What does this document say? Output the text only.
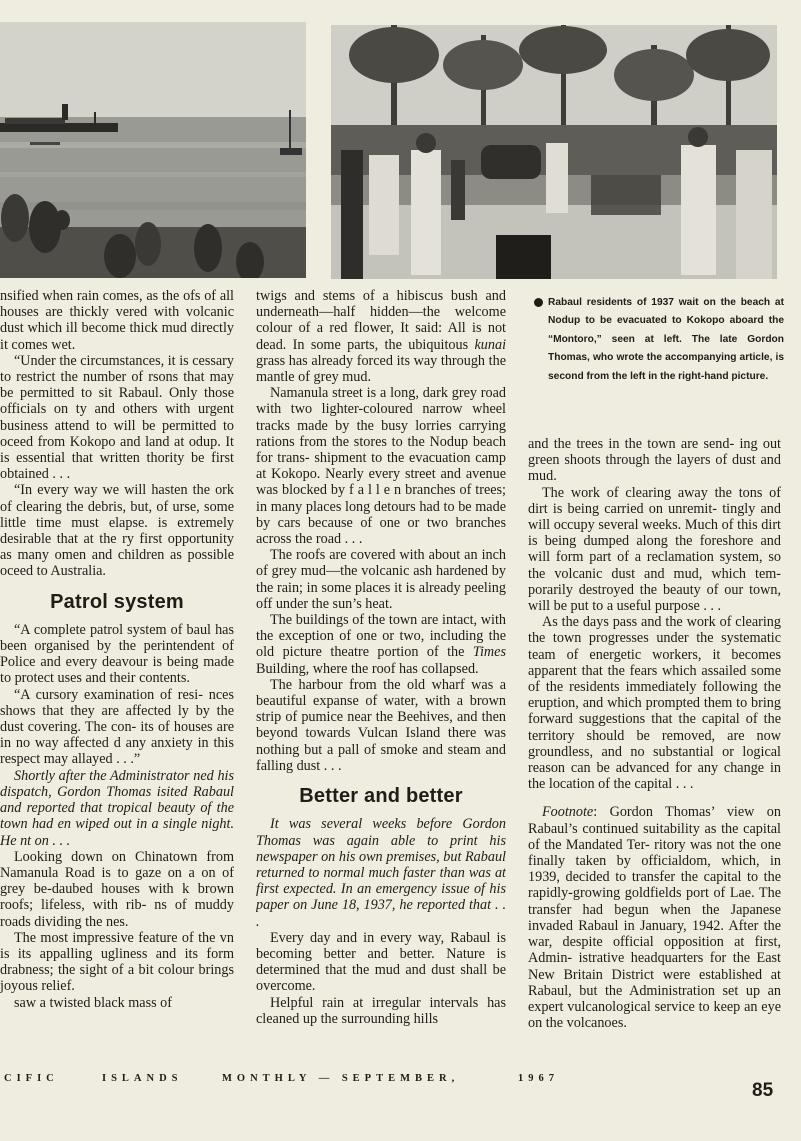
nsified when rain comes, as the ofs of all houses are thickly vered with volcanic dust which ill become thick mud directly it comes wet.

“Under the circumstances, it is cessary to restrict the number of rsons that may be permitted to sit Rabaul. Only those officials on ty and others with urgent business attend to will be permitted to oceed from Kokopo and land at odup. It is essential that written thority be first obtained . . .

“In every way we will hasten the ork of clearing the debris, but, of urse, some little time must elapse. is extremely desirable that at the ry first opportunity as many omen and children as possible oceed to Australia.

Patrol system

“A complete patrol system of baul has been organised by the perintendent of Police and every deavour is being made to protect uses and their contents.

“A cursory examination of resi- nces shows that they are affected ly by the dust covering. The con- its of houses are in no way affected d any anxiety in this respect may allayed . . .”

Shortly after the Administrator ned his dispatch, Gordon Thomas isited Rabaul and reported that tropical beauty of the town had en wiped out in a single night. He nt on . . .

Looking down on Chinatown from Namanula Road is to gaze on a on of grey be-daubed houses with k brown roofs; lifeless, with rib- ns of muddy roads dividing the nes.

The most impressive feature of the vn is its appalling ugliness and its form drabness; the sight of a bit colour brings joyous relief.

saw a twisted black mass of

twigs and stems of a hibiscus bush and underneath—half hidden—the welcome colour of a red flower, It said: All is not dead. In some parts, the ubiquitous kunai grass has already forced its way through the mantle of grey mud.

Namanula street is a long, dark grey road with two lighter-coloured narrow wheel tracks made by the busy lorries carrying rations from the stores to the Nodup beach for trans- shipment to the evacuation camp at Kokopo. Nearly every street and avenue was blocked by f a l l e n branches of trees; in many places long detours had to be made by cars because of one or two branches across the road . . .

The roofs are covered with about an inch of grey mud—the volcanic ash hardened by the rain; in some places it is already peeling off under the sun’s heat.

The buildings of the town are intact, with the exception of one or two, including the old picture theatre portion of the Times Building, where the roof has collapsed.

The harbour from the old wharf was a beautiful expanse of water, with a brown strip of pumice near the Beehives, and then beyond towards Vulcan Island there was nothing but a pall of smoke and steam and falling dust . . .

Better and better

It was several weeks before Gordon Thomas was again able to print his newspaper on his own premises, but Rabaul returned to normal much faster than was at first expected. In an emergency issue of his paper on June 18, 1937, he reported that . . .

Every day and in every way, Rabaul is becoming better and better. Nature is determined that the mud and dust shall be overcome.

Helpful rain at irregular intervals has cleaned up the surrounding hills

Rabaul residents of 1937 wait on the beach at Nodup to be evacuated to Kokopo aboard the “Montoro,” seen at left. The late Gordon Thomas, who wrote the accompanying article, is second from the left in the right-hand picture.

and the trees in the town are send- ing out green shoots through the layers of dust and mud.

The work of clearing away the tons of dirt is being carried on unremit- tingly and will occupy several weeks. Much of this dirt is being dumped along the foreshore and will form part of a reclamation system, so the volcanic dust and mud, which tem- porarily destroyed the beauty of our town, will be put to a useful purpose . . .

As the days pass and the work of clearing the town progresses under the systematic team of energetic workers, it becomes apparent that the fears which assailed some of the residents immediately following the eruption, and which prompted them to bring forward suggestions that the capital of the territory should be removed, are now groundless, and no substantial or logical reason can be advanced for any change in the location of the capital . . .

Footnote: Gordon Thomas’ view on Rabaul’s continued suitability as the capital of the Mandated Ter- ritory was not the one finally taken by officialdom, which, in 1939, decided to transfer the capital to the rapidly-growing goldfields port of Lae. The transfer had begun when the Japanese invaded Rabaul in January, 1942. After the war, despite official opposition at first, Admin- istrative headquarters for the East New Britain District were established at Rabaul, but the Administration set up an expert vulcanological service to keep an eye on the volcanoes.

CIFIC	ISLANDS	MONTHLY — SEPTEMBER,	1967
85
